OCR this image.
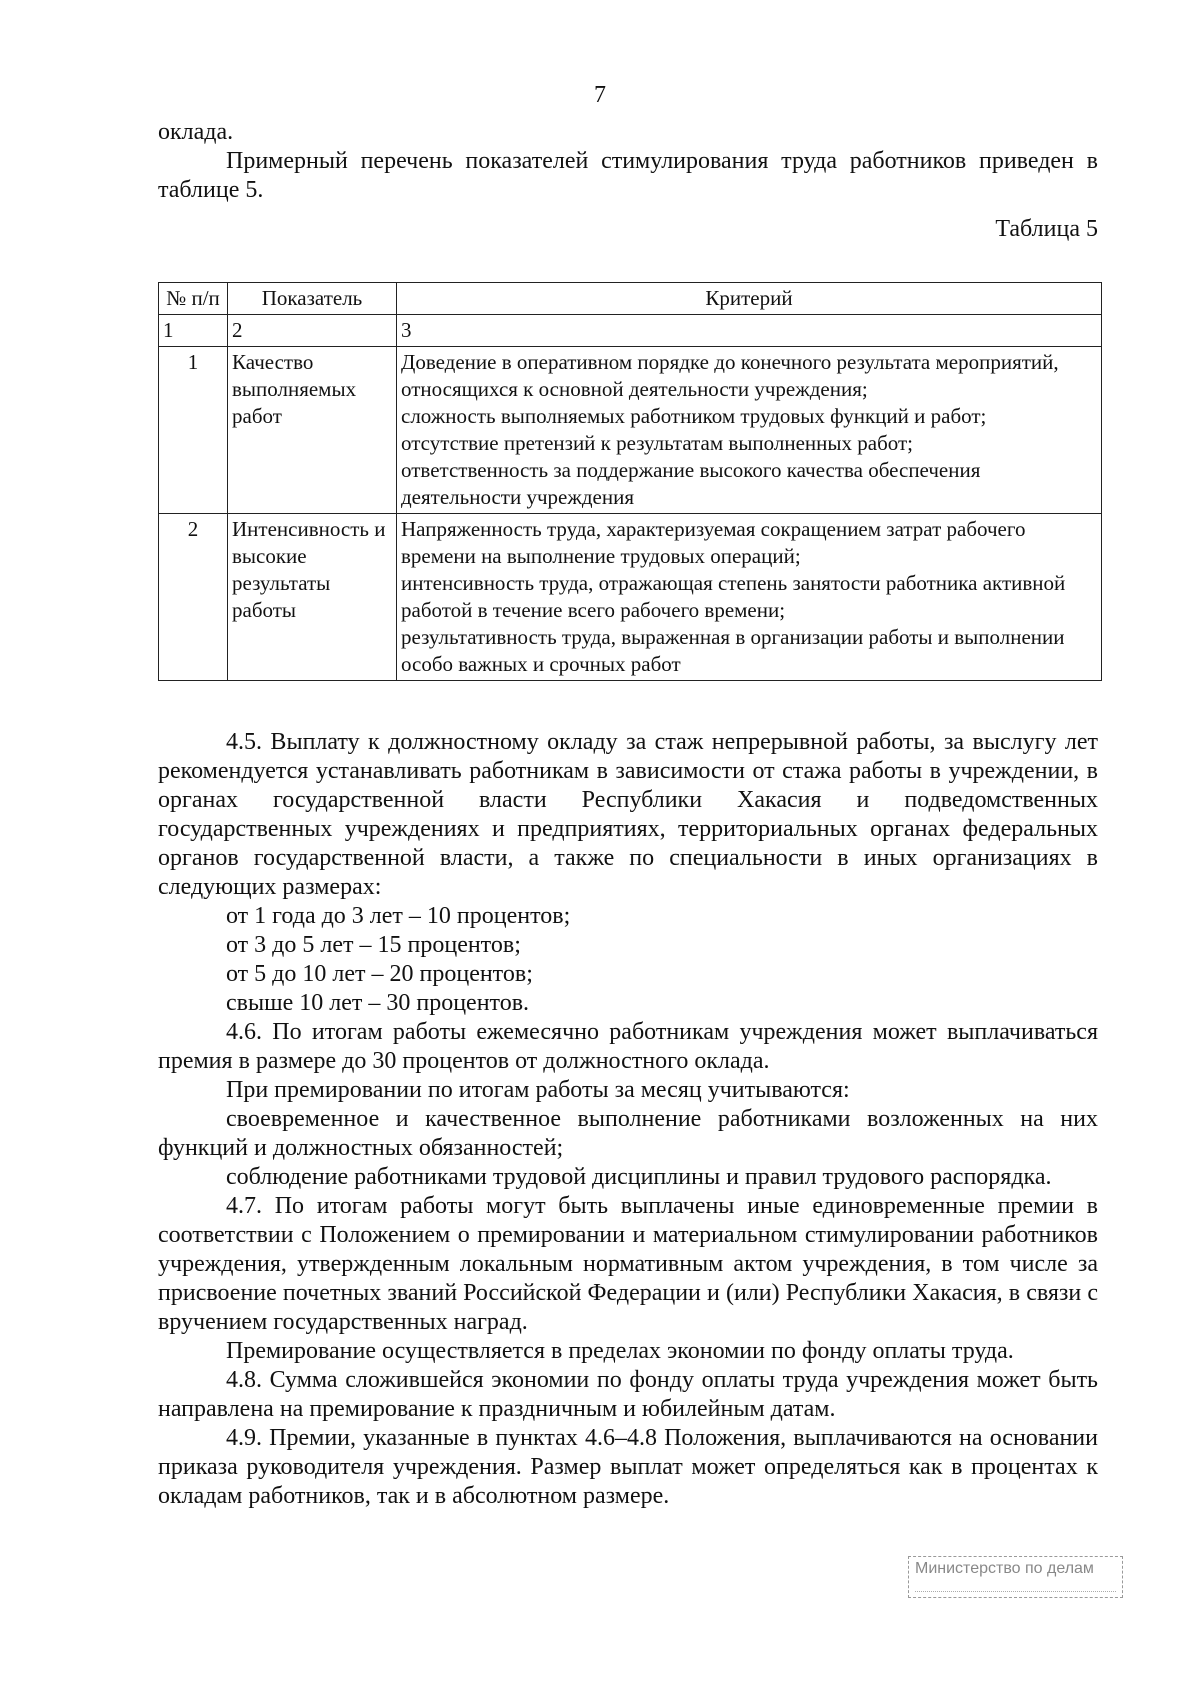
7

оклада.

Примерный перечень показателей стимулирования труда работников приведен в таблице 5.

Таблица 5

№ п/п	Показатель	Критерий
1	2	3
1	Качество выполняемых работ	Доведение в оперативном порядке до конечного результата мероприятий, относящихся к основной деятельности учреждения;
сложность выполняемых работником трудовых функций и работ;
отсутствие претензий к результатам выполненных работ;
ответственность за поддержание высокого качества обеспечения деятельности учреждения

2	Интенсивность и высокие результаты работы	Напряженность труда, характеризуемая сокращением затрат рабочего времени на выполнение трудовых операций;
интенсивность труда, отражающая степень занятости работника активной работой в течение всего рабочего времени;
результативность труда, выраженная в организации работы и выполнении особо важных и срочных работ

4.5. Выплату к должностному окладу за стаж непрерывной работы, за выслугу лет рекомендуется устанавливать работникам в зависимости от стажа работы в учреждении, в органах государственной власти Республики Хакасия и подведомственных государственных учреждениях и предприятиях, территориальных органах федеральных органов государственной власти, а также по специальности в иных организациях в следующих размерах:

от 1 года до 3 лет – 10 процентов;

от 3 до 5 лет – 15 процентов;

от 5 до 10 лет – 20 процентов;

свыше 10 лет – 30 процентов.

4.6. По итогам работы ежемесячно работникам учреждения может выплачиваться премия в размере до 30 процентов от должностного оклада.

При премировании по итогам работы за месяц учитываются:

своевременное и качественное выполнение работниками возложенных на них функций и должностных обязанностей;

соблюдение работниками трудовой дисциплины и правил трудового распорядка.

4.7. По итогам работы могут быть выплачены иные единовременные премии в соответствии с Положением о премировании и материальном стимулировании работников учреждения, утвержденным локальным нормативным актом учреждения, в том числе за присвоение почетных званий Российской Федерации и (или) Республики Хакасия, в связи с вручением государственных наград.

Премирование осуществляется в пределах экономии по фонду оплаты труда.

4.8. Сумма сложившейся экономии по фонду оплаты труда учреждения может быть направлена на премирование к праздничным и юбилейным датам.

4.9. Премии, указанные в пунктах 4.6–4.8 Положения, выплачиваются на основании приказа руководителя учреждения. Размер выплат может определяться как в процентах к окладам работников, так и в абсолютном размере.

Министерство по делам
